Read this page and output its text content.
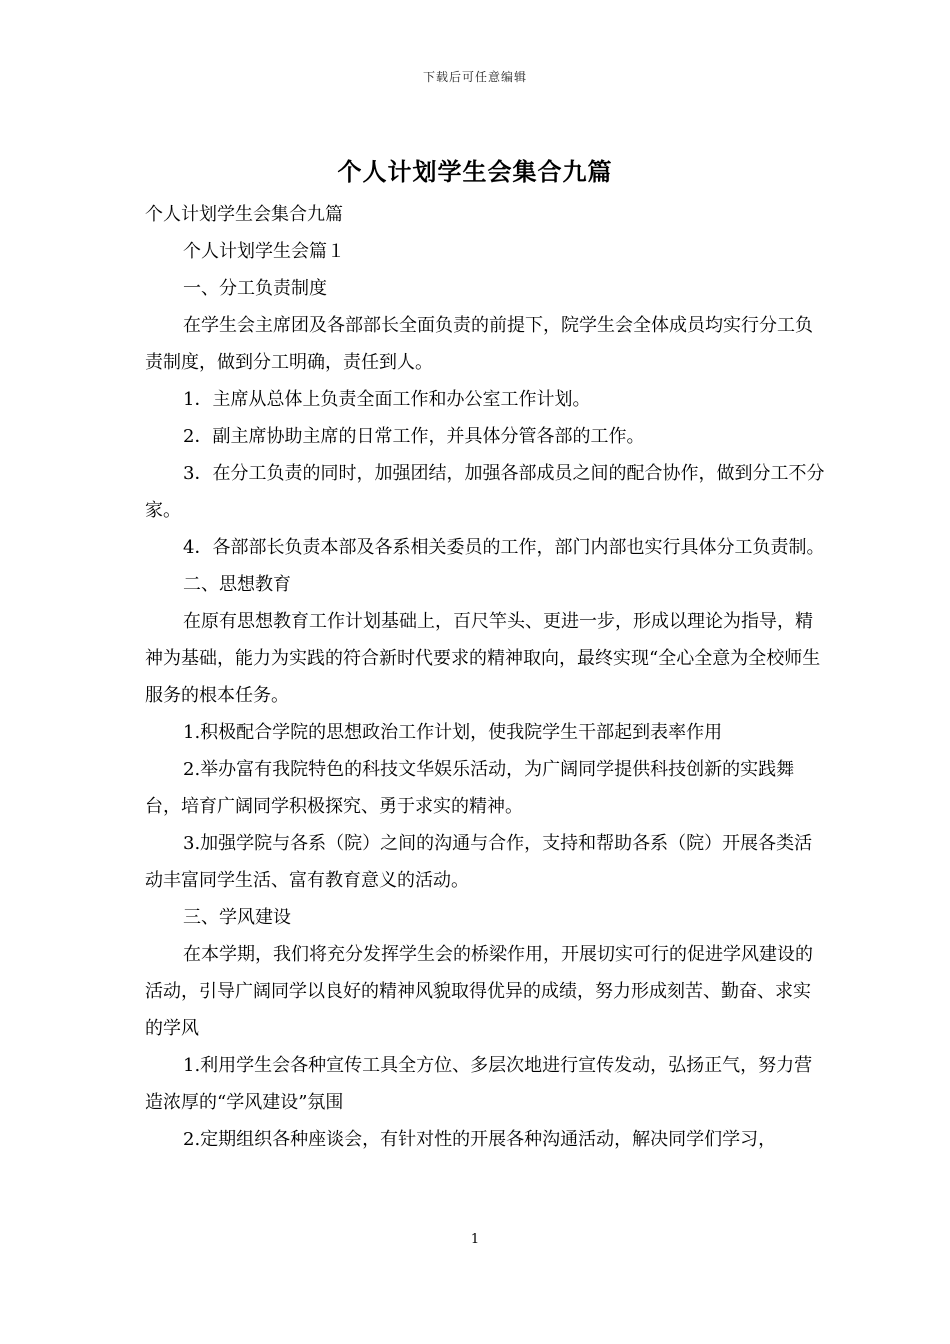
下载后可任意编辑
个人计划学生会集合九篇

个人计划学生会集合九篇

个人计划学生会篇１

一、分工负责制度

在学生会主席团及各部部长全面负责的前提下，院学生会全体成员均实行分工负责制度，做到分工明确，责任到人。

1．主席从总体上负责全面工作和办公室工作计划。

2．副主席协助主席的日常工作，并具体分管各部的工作。

3．在分工负责的同时，加强团结，加强各部成员之间的配合协作，做到分工不分家。

4．各部部长负责本部及各系相关委员的工作，部门内部也实行具体分工负责制。

二、思想教育

在原有思想教育工作计划基础上，百尺竿头、更进一步，形成以理论为指导，精神为基础，能力为实践的符合新时代要求的精神取向，最终实现“全心全意为全校师生服务的根本任务。

1.积极配合学院的思想政治工作计划，使我院学生干部起到表率作用

2.举办富有我院特色的科技文华娱乐活动，为广阔同学提供科技创新的实践舞台，培育广阔同学积极探究、勇于求实的精神。

3.加强学院与各系（院）之间的沟通与合作，支持和帮助各系（院）开展各类活动丰富同学生活、富有教育意义的活动。

三、学风建设

在本学期，我们将充分发挥学生会的桥梁作用，开展切实可行的促进学风建设的活动，引导广阔同学以良好的精神风貌取得优异的成绩，努力形成刻苦、勤奋、求实的学风

1.利用学生会各种宣传工具全方位、多层次地进行宣传发动，弘扬正气，努力营造浓厚的“学风建设”氛围

2.定期组织各种座谈会，有针对性的开展各种沟通活动，解决同学们学习，

1
